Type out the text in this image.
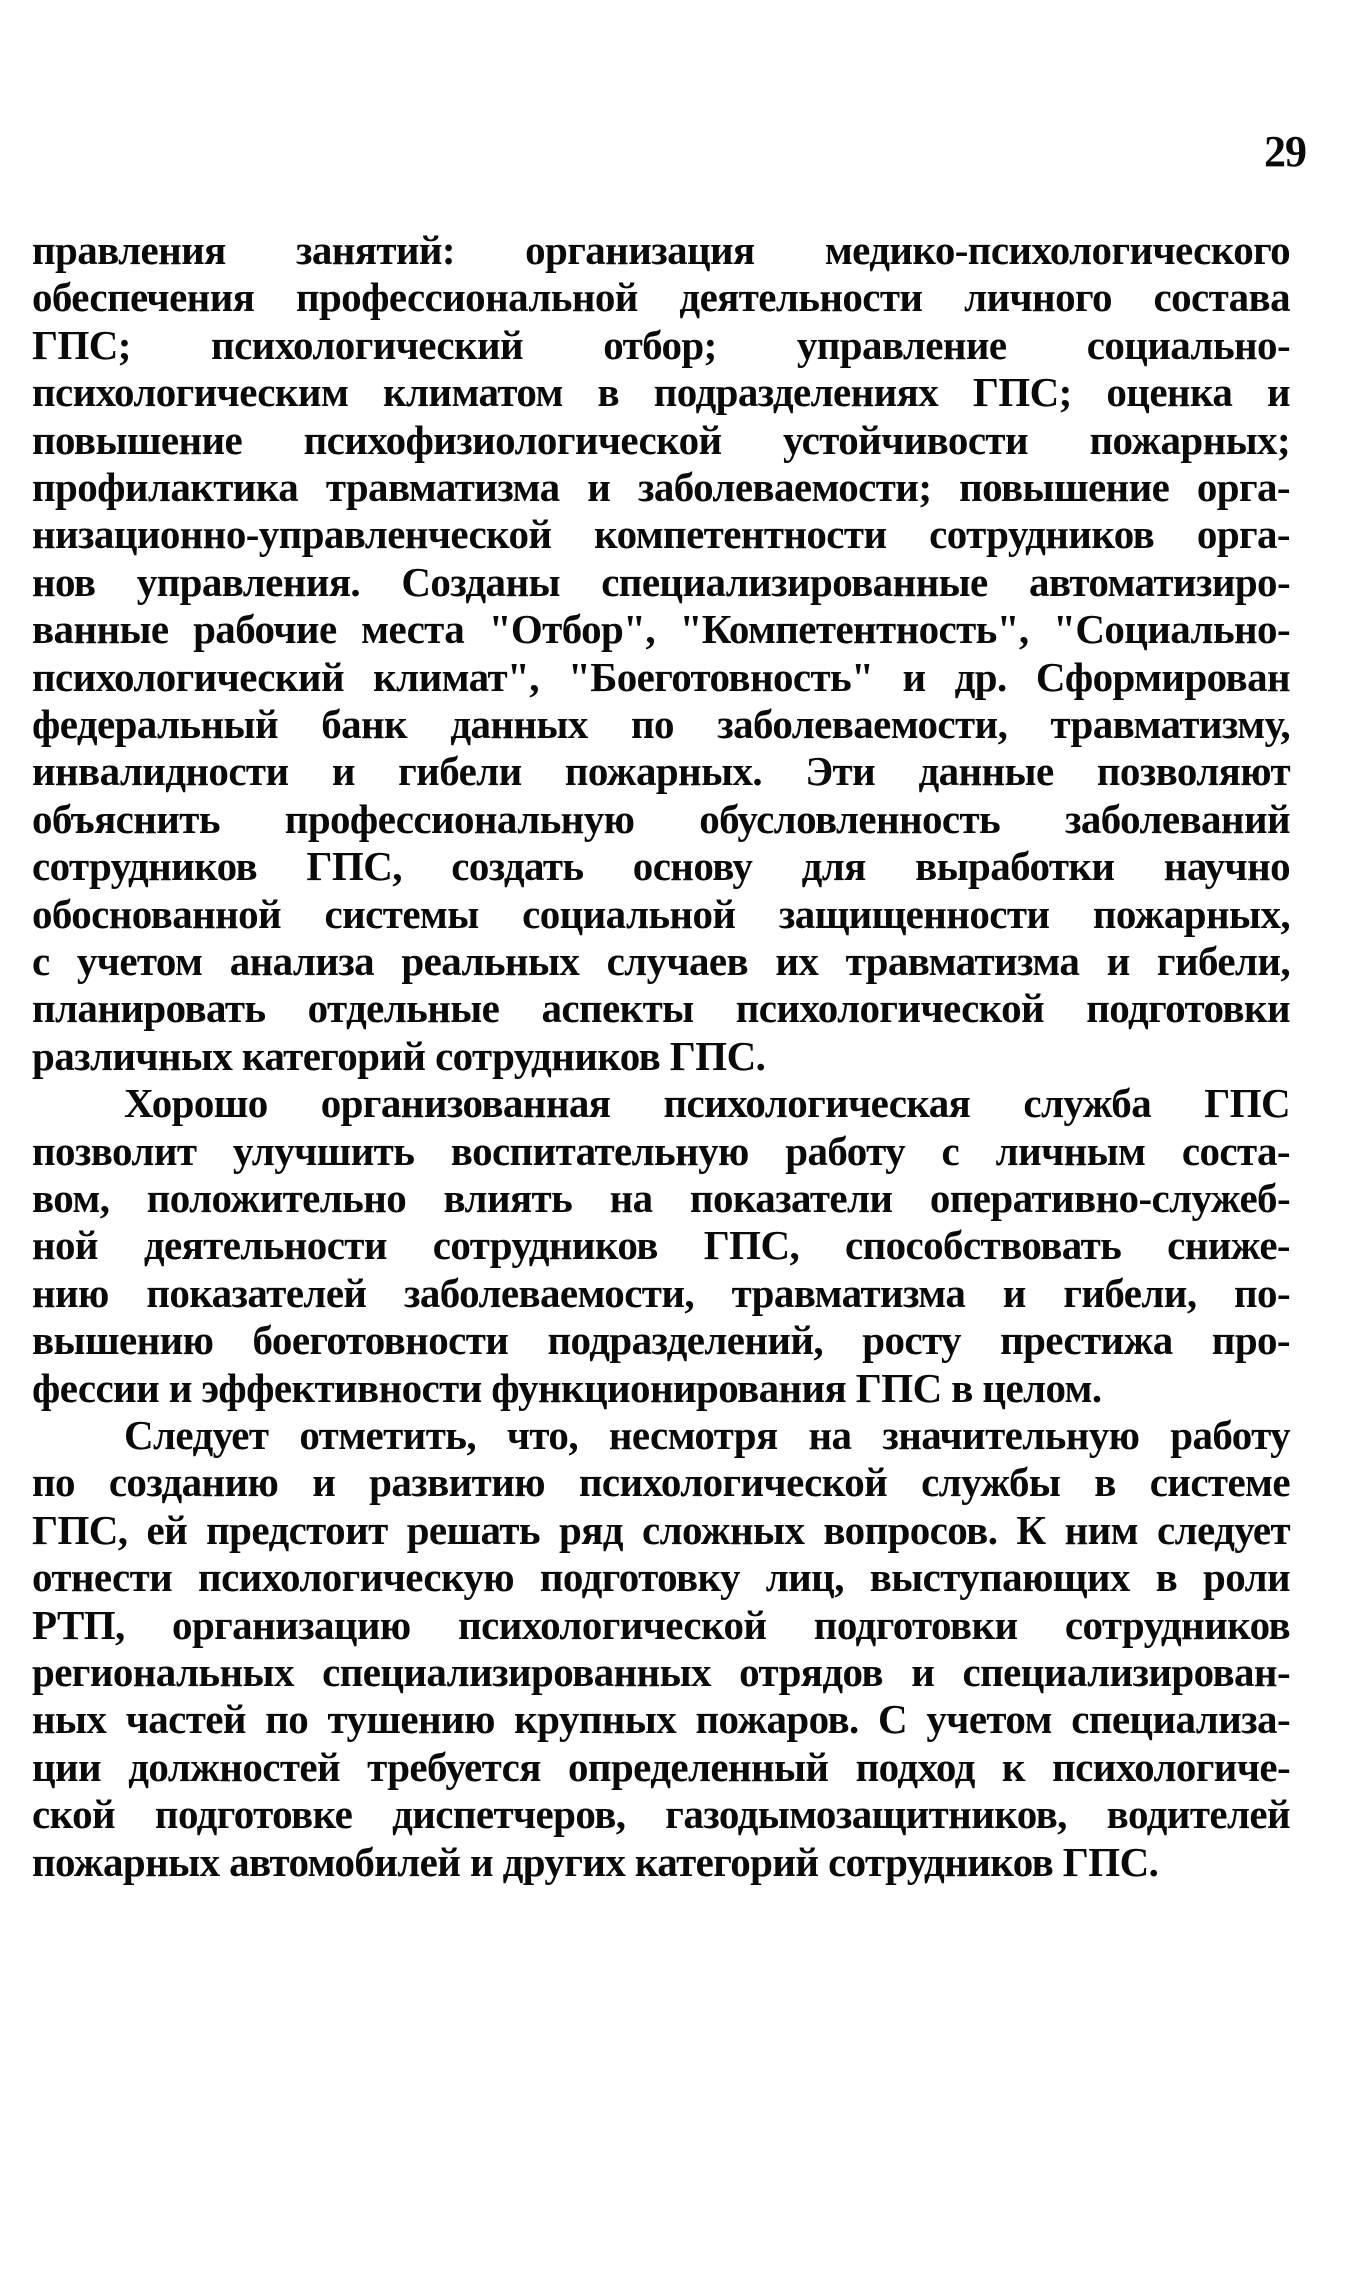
29
правления занятий: организация медико-психологического
обеспечения профессиональной деятельности личного состава
ГПС; психологический отбор; управление социально-
психологическим климатом в подразделениях ГПС; оценка и
повышение психофизиологической устойчивости пожарных;
профилактика травматизма и заболеваемости; повышение орга-
низационно-управленческой компетентности сотрудников орга-
нов управления. Созданы специализированные автоматизиро-
ванные рабочие места "Отбор", "Компетентность", "Социально-
психологический климат", "Боеготовность" и др. Сформирован
федеральный банк данных по заболеваемости, травматизму,
инвалидности и гибели пожарных. Эти данные позволяют
объяснить профессиональную обусловленность заболеваний
сотрудников ГПС, создать основу для выработки научно
обоснованной системы социальной защищенности пожарных,
с учетом анализа реальных случаев их травматизма и гибели,
планировать отдельные аспекты психологической подготовки
различных категорий сотрудников ГПС.
Хорошо организованная психологическая служба ГПС
позволит улучшить воспитательную работу с личным соста-
вом, положительно влиять на показатели оперативно-служеб-
ной деятельности сотрудников ГПС, способствовать сниже-
нию показателей заболеваемости, травматизма и гибели, по-
вышению боеготовности подразделений, росту престижа про-
фессии и эффективности функционирования ГПС в целом.
Следует отметить, что, несмотря на значительную работу
по созданию и развитию психологической службы в системе
ГПС, ей предстоит решать ряд сложных вопросов. К ним следует
отнести психологическую подготовку лиц, выступающих в роли
РТП, организацию психологической подготовки сотрудников
региональных специализированных отрядов и специализирован-
ных частей по тушению крупных пожаров. С учетом специализа-
ции должностей требуется определенный подход к психологиче-
ской подготовке диспетчеров, газодымозащитников, водителей
пожарных автомобилей и других категорий сотрудников ГПС.
